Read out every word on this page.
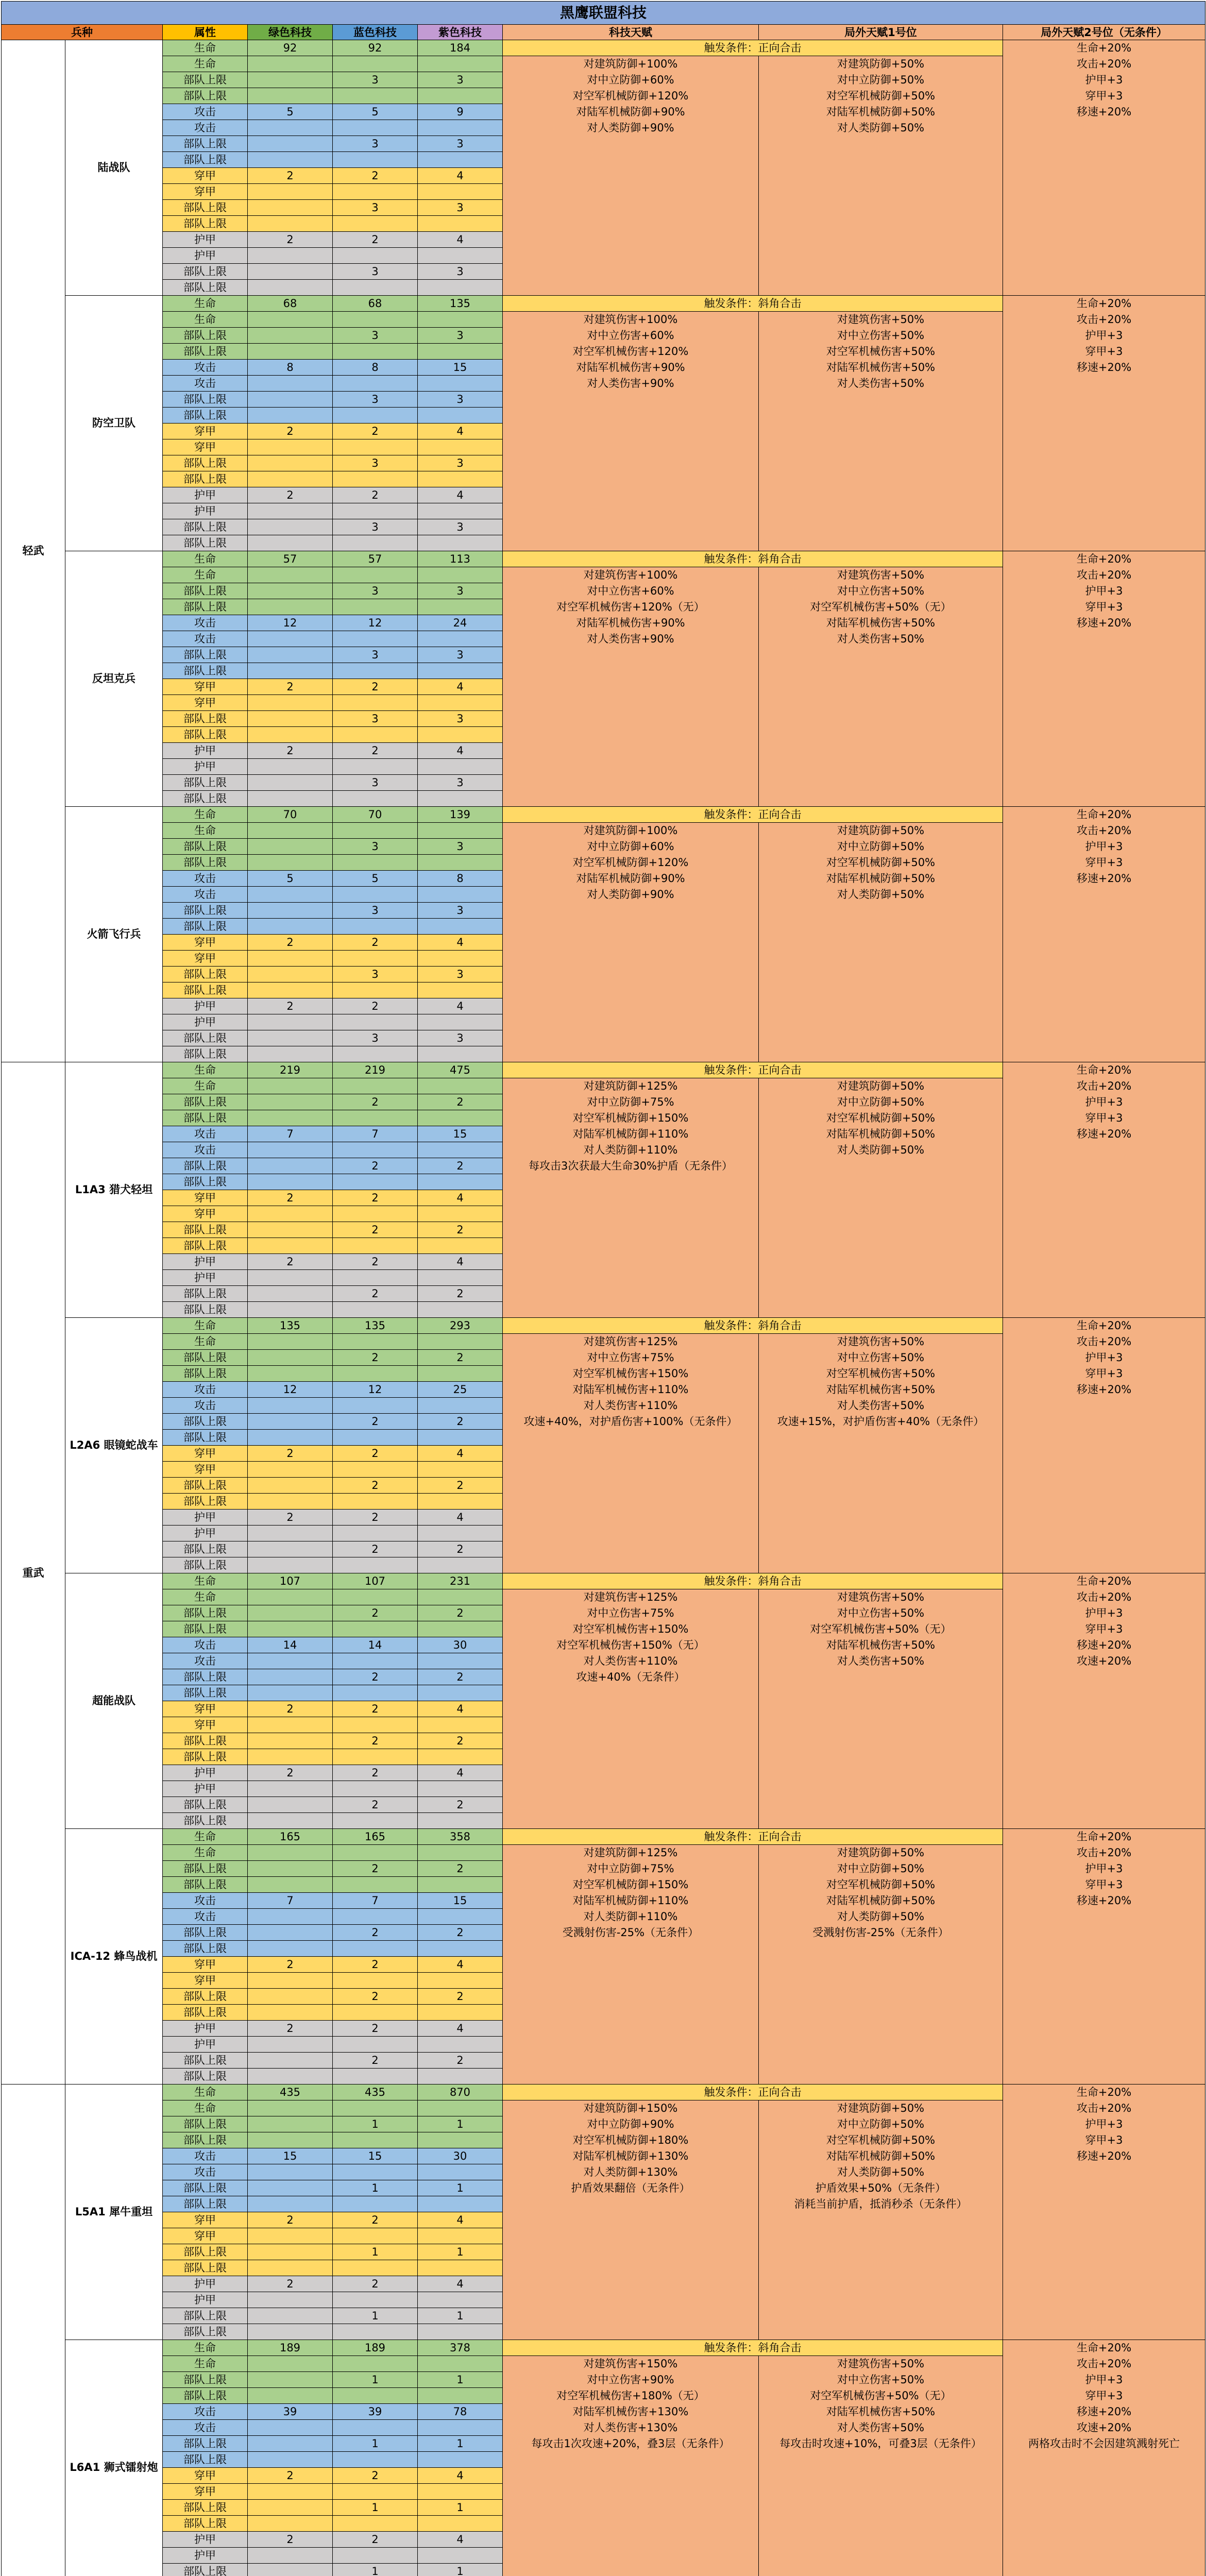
黑鹰联盟科技								
兵种		属性	绿色科技	蓝色科技	紫色科技	科技天赋	局外天赋1号位	局外天赋2号位（无条件）
轻武	陆战队	生命	92	92	184	触发条件：正向合击		生命+20%
		生命				对建筑防御+100%	对建筑防御+50%	攻击+20%
		部队上限		3	3	对中立防御+60%	对中立防御+50%	护甲+3
		部队上限				对空军机械防御+120%	对空军机械防御+50%	穿甲+3
		攻击	5	5	9	对陆军机械防御+90%	对陆军机械防御+50%	移速+20%
		攻击				对人类防御+90%	对人类防御+50%	
		部队上限		3	3			
		部队上限						
		穿甲	2	2	4			
		穿甲						
		部队上限		3	3			
		部队上限						
		护甲	2	2	4			
		护甲						
		部队上限		3	3			
		部队上限						
	防空卫队	生命	68	68	135	触发条件：斜角合击		生命+20%
		生命				对建筑伤害+100%	对建筑伤害+50%	攻击+20%
		部队上限		3	3	对中立伤害+60%	对中立伤害+50%	护甲+3
		部队上限				对空军机械伤害+120%	对空军机械伤害+50%	穿甲+3
		攻击	8	8	15	对陆军机械伤害+90%	对陆军机械伤害+50%	移速+20%
		攻击				对人类伤害+90%	对人类伤害+50%	
		部队上限		3	3			
		部队上限						
		穿甲	2	2	4			
		穿甲						
		部队上限		3	3			
		部队上限						
		护甲	2	2	4			
		护甲						
		部队上限		3	3			
		部队上限						
	反坦克兵	生命	57	57	113	触发条件：斜角合击		生命+20%
		生命				对建筑伤害+100%	对建筑伤害+50%	攻击+20%
		部队上限		3	3	对中立伤害+60%	对中立伤害+50%	护甲+3
		部队上限				对空军机械伤害+120%（无）	对空军机械伤害+50%（无）	穿甲+3
		攻击	12	12	24	对陆军机械伤害+90%	对陆军机械伤害+50%	移速+20%
		攻击				对人类伤害+90%	对人类伤害+50%	
		部队上限		3	3			
		部队上限						
		穿甲	2	2	4			
		穿甲						
		部队上限		3	3			
		部队上限						
		护甲	2	2	4			
		护甲						
		部队上限		3	3			
		部队上限						
	火箭飞行兵	生命	70	70	139	触发条件：正向合击		生命+20%
		生命				对建筑防御+100%	对建筑防御+50%	攻击+20%
		部队上限		3	3	对中立防御+60%	对中立防御+50%	护甲+3
		部队上限				对空军机械防御+120%	对空军机械防御+50%	穿甲+3
		攻击	5	5	8	对陆军机械防御+90%	对陆军机械防御+50%	移速+20%
		攻击				对人类防御+90%	对人类防御+50%	
		部队上限		3	3			
		部队上限						
		穿甲	2	2	4			
		穿甲						
		部队上限		3	3			
		部队上限						
		护甲	2	2	4			
		护甲						
		部队上限		3	3			
		部队上限						
重武	L1A3 猎犬轻坦	生命	219	219	475	触发条件：正向合击		生命+20%
		生命				对建筑防御+125%	对建筑防御+50%	攻击+20%
		部队上限		2	2	对中立防御+75%	对中立防御+50%	护甲+3
		部队上限				对空军机械防御+150%	对空军机械防御+50%	穿甲+3
		攻击	7	7	15	对陆军机械防御+110%	对陆军机械防御+50%	移速+20%
		攻击				对人类防御+110%	对人类防御+50%	
		部队上限		2	2	每攻击3次获最大生命30%护盾（无条件）		
		部队上限						
		穿甲	2	2	4			
		穿甲						
		部队上限		2	2			
		部队上限						
		护甲	2	2	4			
		护甲						
		部队上限		2	2			
		部队上限						
	L2A6 眼镜蛇战车	生命	135	135	293	触发条件：斜角合击		生命+20%
		生命				对建筑伤害+125%	对建筑伤害+50%	攻击+20%
		部队上限		2	2	对中立伤害+75%	对中立伤害+50%	护甲+3
		部队上限				对空军机械伤害+150%	对空军机械伤害+50%	穿甲+3
		攻击	12	12	25	对陆军机械伤害+110%	对陆军机械伤害+50%	移速+20%
		攻击				对人类伤害+110%	对人类伤害+50%	
		部队上限		2	2	攻速+40%，对护盾伤害+100%（无条件）	攻速+15%，对护盾伤害+40%（无条件）	
		部队上限						
		穿甲	2	2	4			
		穿甲						
		部队上限		2	2			
		部队上限						
		护甲	2	2	4			
		护甲						
		部队上限		2	2			
		部队上限						
	超能战队	生命	107	107	231	触发条件：斜角合击		生命+20%
		生命				对建筑伤害+125%	对建筑伤害+50%	攻击+20%
		部队上限		2	2	对中立伤害+75%	对中立伤害+50%	护甲+3
		部队上限				对空军机械伤害+150%	对空军机械伤害+50%（无）	穿甲+3
		攻击	14	14	30	对空军机械伤害+150%（无）	对陆军机械伤害+50%	移速+20%
		攻击				对人类伤害+110%	对人类伤害+50%	攻速+20%
		部队上限		2	2	攻速+40%（无条件）		
		部队上限						
		穿甲	2	2	4			
		穿甲						
		部队上限		2	2			
		部队上限						
		护甲	2	2	4			
		护甲						
		部队上限		2	2			
		部队上限						
	ICA-12 蜂鸟战机	生命	165	165	358	触发条件：正向合击		生命+20%
		生命				对建筑防御+125%	对建筑防御+50%	攻击+20%
		部队上限		2	2	对中立防御+75%	对中立防御+50%	护甲+3
		部队上限				对空军机械防御+150%	对空军机械防御+50%	穿甲+3
		攻击	7	7	15	对陆军机械防御+110%	对陆军机械防御+50%	移速+20%
		攻击				对人类防御+110%	对人类防御+50%	
		部队上限		2	2	受溅射伤害-25%（无条件）	受溅射伤害-25%（无条件）	
		部队上限						
		穿甲	2	2	4			
		穿甲						
		部队上限		2	2			
		部队上限						
		护甲	2	2	4			
		护甲						
		部队上限		2	2			
		部队上限						
	L5A1 犀牛重坦	生命	435	435	870	触发条件：正向合击		生命+20%
		生命				对建筑防御+150%	对建筑防御+50%	攻击+20%
		部队上限		1	1	对中立防御+90%	对中立防御+50%	护甲+3
		部队上限				对空军机械防御+180%	对空军机械防御+50%	穿甲+3
		攻击	15	15	30	对陆军机械防御+130%	对陆军机械防御+50%	移速+20%
		攻击				对人类防御+130%	对人类防御+50%	
		部队上限		1	1	护盾效果翻倍（无条件）	护盾效果+50%（无条件）	
		部队上限					消耗当前护盾，抵消秒杀（无条件）	
		穿甲	2	2	4			
		穿甲						
		部队上限		1	1			
		部队上限						
		护甲	2	2	4			
		护甲						
		部队上限		1	1			
		部队上限						
	L6A1 狮式镭射炮	生命	189	189	378	触发条件：斜角合击		生命+20%
		生命				对建筑伤害+150%	对建筑伤害+50%	攻击+20%
		部队上限		1	1	对中立伤害+90%	对中立伤害+50%	护甲+3
		部队上限				对空军机械伤害+180%（无）	对空军机械伤害+50%（无）	穿甲+3
		攻击	39	39	78	对陆军机械伤害+130%	对陆军机械伤害+50%	移速+20%
		攻击				对人类伤害+130%	对人类伤害+50%	攻速+20%
		部队上限		1	1	每攻击1次攻速+20%，叠3层（无条件）	每攻击时攻速+10%，可叠3层（无条件）	两格攻击时不会因建筑溅射死亡
		部队上限						
		穿甲	2	2	4			
		穿甲						
		部队上限		1	1			
		部队上限						
		护甲	2	2	4			
		护甲						
		部队上限		1	1			
